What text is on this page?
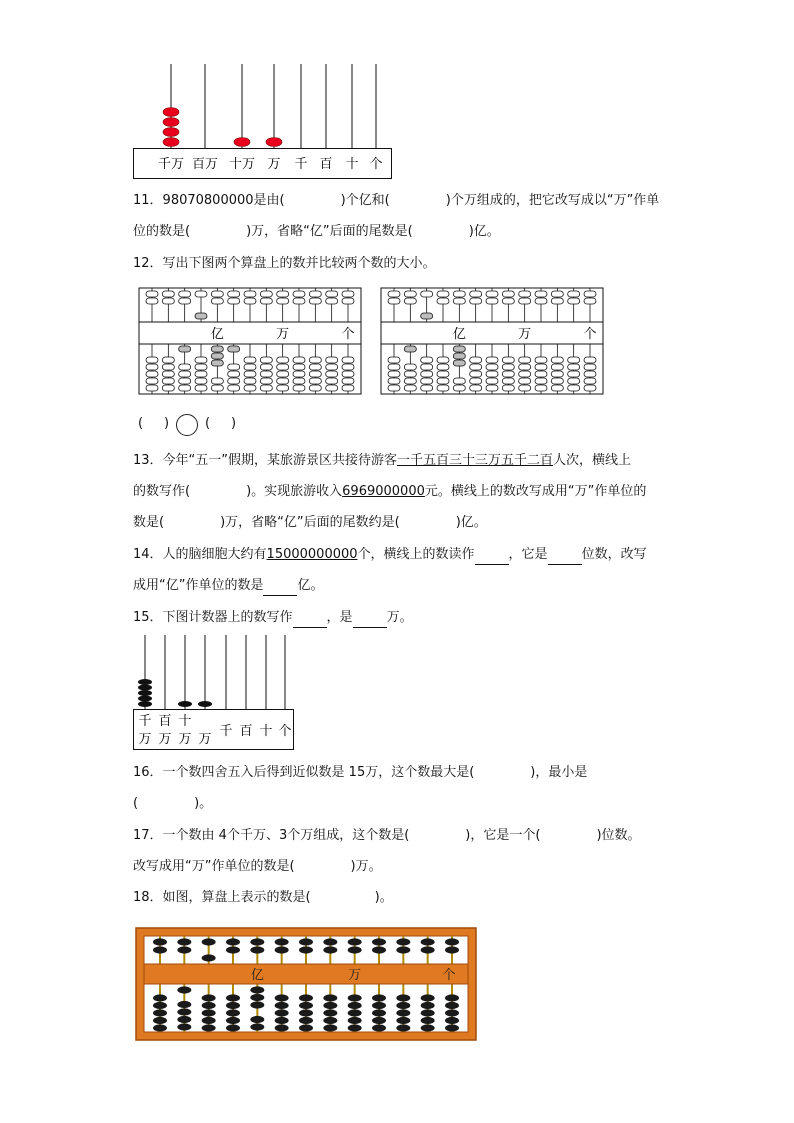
千万 百万 十万 万 千 百 十 个
11．98070800000是由(	)个亿和(	)个万组成的，把它改写成以“万”作单
位的数是(	)万，省略“亿”后面的尾数是(	)亿。
12．写出下图两个算盘上的数并比较两个数的大小。
亿	万	个	亿	万	个
( )	( )
13．今年“五一”假期，某旅游景区共接待游客一千五百三十三万五千二百人次，横线上
的数写作(	)。实现旅游收入6969000000元。横线上的数改写成用“万”作单位的
数是(	)万，省略“亿”后面的尾数约是(	)亿。
14．人的脑细胞大约有15000000000个，横线上的数读作	，它是	位数，改写
成用“亿”作单位的数是	亿。
15．下图计数器上的数写作	，是	万。
千 百 十
万 万 万 万
千 百 十 个
16．一个数四舍五入后得到近似数是 15万，这个数最大是(	)，最小是
(	)。
17．一个数由 4个千万、3个万组成，这个数是(	)，它是一个(	)位数。
改写成用“万”作单位的数是(	)万。
18．如图，算盘上表示的数是(	)。
亿	万	个
